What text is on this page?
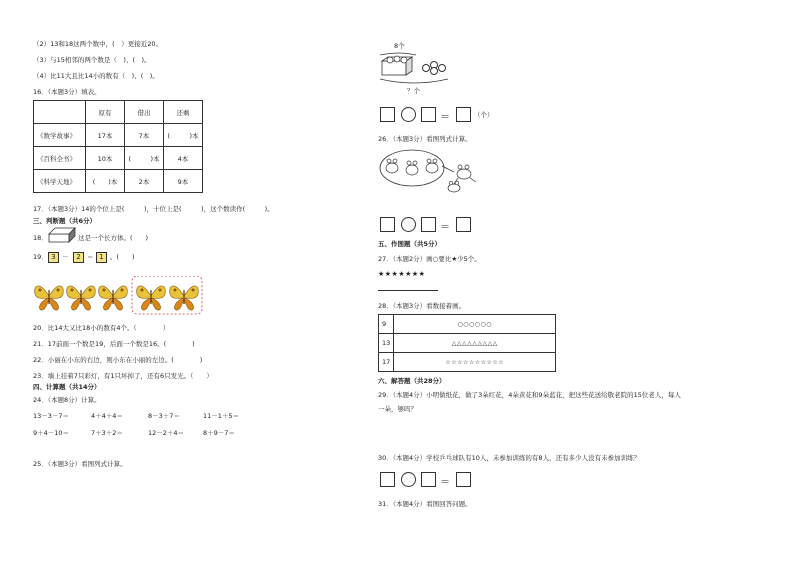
（2）13和18这两个数中，(　）更接近20。
（3）与15相邻的两个数是（　)、(　)。
（4）比11大且比14小的数有（　)、(　)。
16．（本题3分）填表。
	原有	借出	还剩
《数学故事》	17本	7本	(　　　)本
《百科全书》	10本	(　　　)本	4本
《科学天地》	(　　)本	2本	9本
17．（本题3分）14的个位上是(　　　)，十位上是(　　　)，这个数读作(　　　)。
三、判断题（共6分）
18．	这是一个长方体。(　　)
19． 3 －	2 ＝ 1 。(　　)
20．比14大又比18小的数有4个。（　　　　）
21．17前面一个数是19，后面一个数是16。(　　　　)
22．小丽在小东的右边，则小东在小丽的左边。(　　　　)
23．墙上挂着7只彩灯，有1只坏掉了，还有6只发光。（　　）
四、计算题（共14分）
24．（本题8分）计算。
13－3－7＝	4＋4＋4＝	8－3＋7＝	11－1＋5＝
9＋4－10＝	7＋3＋2＝	12－2＋4＝	8＋9－7＝
25．（本题3分）看图列式计算。
8个
？个
＝	（个）
26．（本题3分）看图列式计算。
＝
五、作图题（共5分）
27．（本题2分）画○要比★少5个。
★★★★★★★
28．（本题3分）看数接着画。
9	○○○○○○
13	△△△△△△△△△
17	☆☆☆☆☆☆☆☆☆☆
六、解答题（共28分）
29．（本题4分）小明做纸花，做了3朵红花，4朵黄花和9朵蓝花，把这些花送给敬老院的15位老人，每人
一朵，够吗？
30．（本题4分）学校乒乓球队有10人，未参加训练的有8人，还有多少人没有未参加训练？
＝
31．（本题4分）看图回答问题。
